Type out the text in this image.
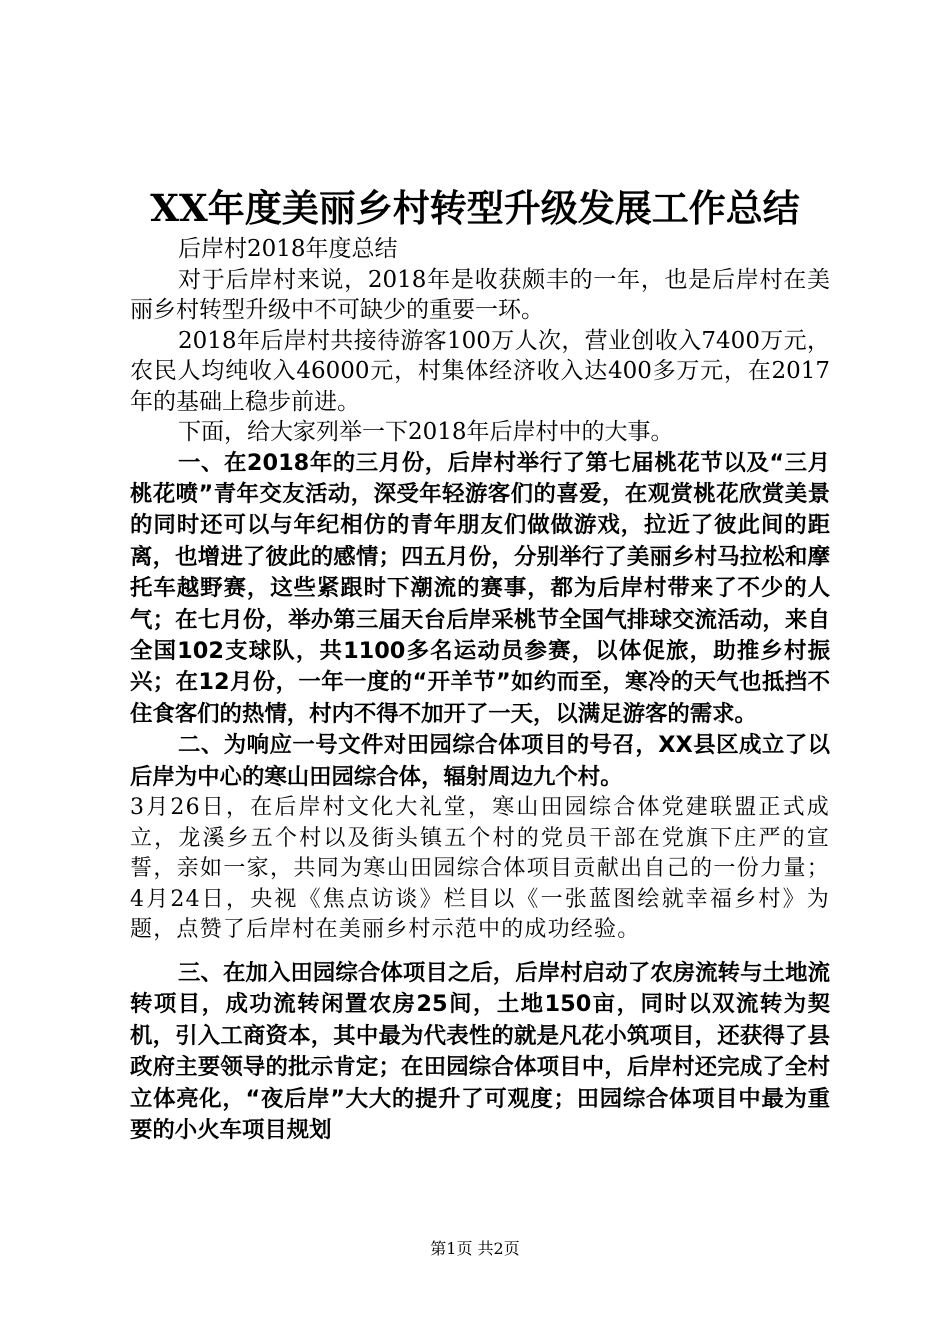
XX年度美丽乡村转型升级发展工作总结

后岸村2018年度总结

对于后岸村来说，2018年是收获颇丰的一年，也是后岸村在美丽乡村转型升级中不可缺少的重要一环。

2018年后岸村共接待游客100万人次，营业创收入7400万元，农民人均纯收入46000元，村集体经济收入达400多万元，在2017年的基础上稳步前进。

下面，给大家列举一下2018年后岸村中的大事。

一、在2018年的三月份，后岸村举行了第七届桃花节以及“三月桃花喷”青年交友活动，深受年轻游客们的喜爱，在观赏桃花欣赏美景的同时还可以与年纪相仿的青年朋友们做做游戏，拉近了彼此间的距离，也增进了彼此的感情；四五月份，分别举行了美丽乡村马拉松和摩托车越野赛，这些紧跟时下潮流的赛事，都为后岸村带来了不少的人气；在七月份，举办第三届天台后岸采桃节全国气排球交流活动，来自全国102支球队，共1100多名运动员参赛，以体促旅，助推乡村振兴；在12月份，一年一度的“开羊节”如约而至，寒冷的天气也抵挡不住食客们的热情，村内不得不加开了一天，以满足游客的需求。

二、为响应一号文件对田园综合体项目的号召，XX县区成立了以后岸为中心的寒山田园综合体，辐射周边九个村。

3月26日，在后岸村文化大礼堂，寒山田园综合体党建联盟正式成立，龙溪乡五个村以及街头镇五个村的党员干部在党旗下庄严的宣誓，亲如一家，共同为寒山田园综合体项目贡献出自己的一份力量；4月24日，央视《焦点访谈》栏目以《一张蓝图绘就幸福乡村》为题，点赞了后岸村在美丽乡村示范中的成功经验。

三、在加入田园综合体项目之后，后岸村启动了农房流转与土地流转项目，成功流转闲置农房25间，土地150亩，同时以双流转为契机，引入工商资本，其中最为代表性的就是凡花小筑项目，还获得了县政府主要领导的批示肯定；在田园综合体项目中，后岸村还完成了全村立体亮化，“夜后岸”大大的提升了可观度；田园综合体项目中最为重要的小火车项目规划

第1页 共2页
